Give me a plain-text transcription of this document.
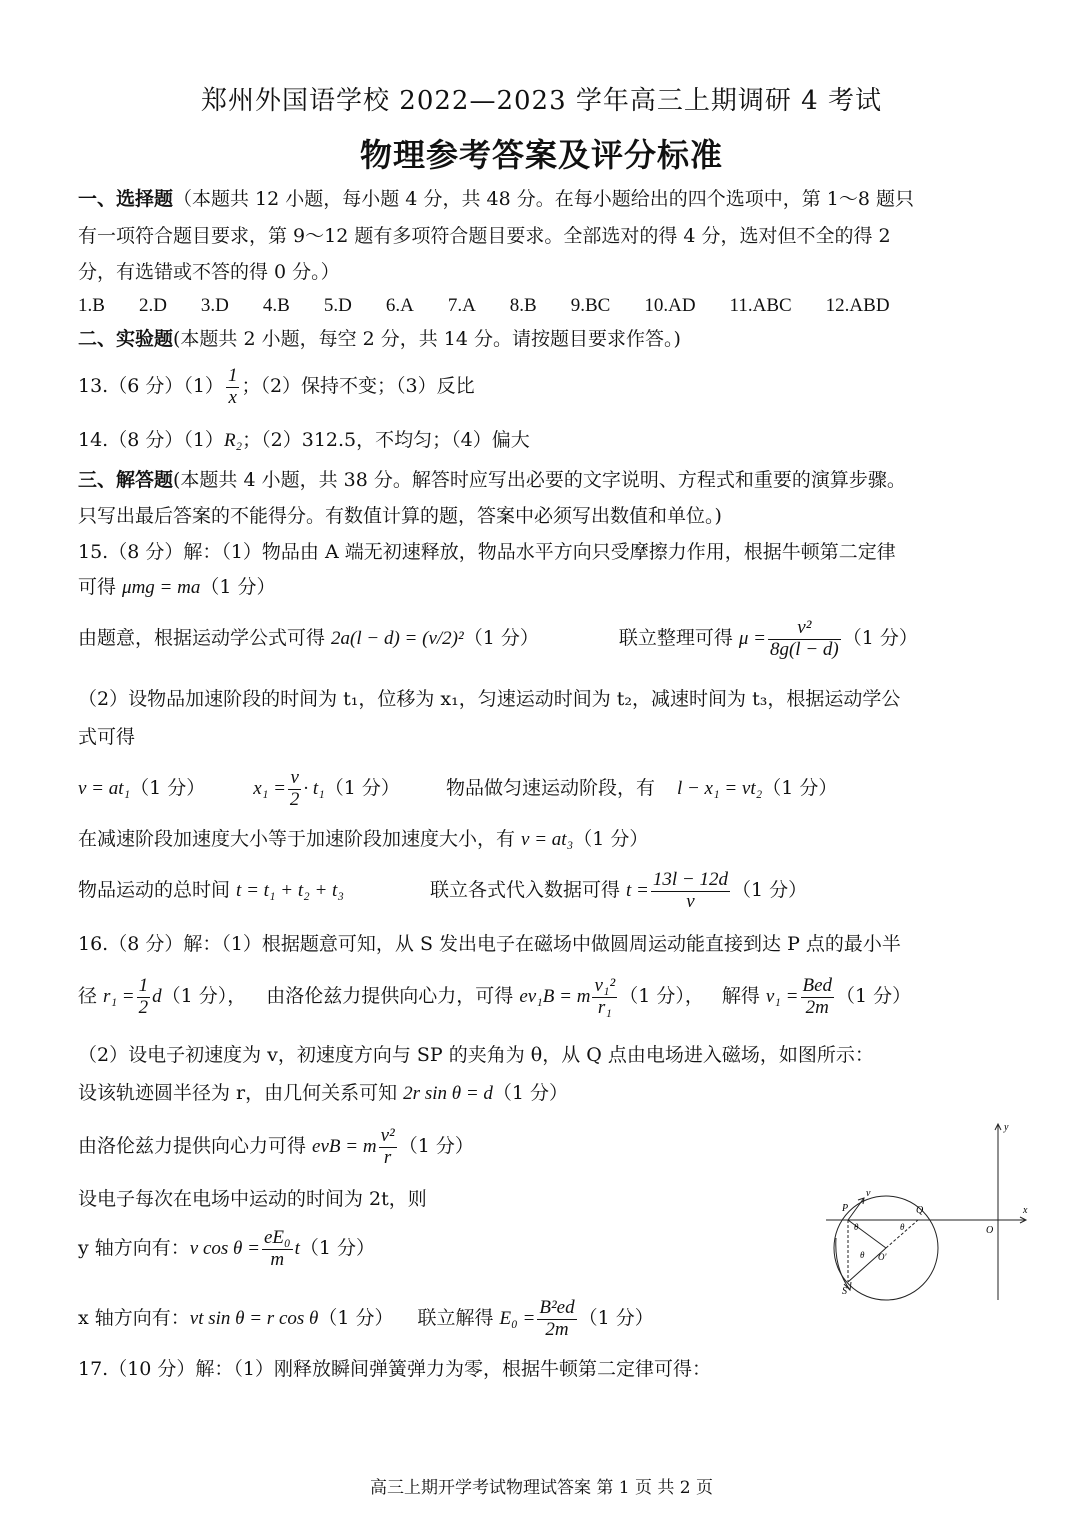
郑州外国语学校 2022—2023 学年高三上期调研 4 考试
物理参考答案及评分标准
一、选择题（本题共 12 小题，每小题 4 分，共 48 分。在每小题给出的四个选项中，第 1～8 题只
有一项符合题目要求，第 9～12 题有多项符合题目要求。全部选对的得 4 分，选对但不全的得 2
分，有选错或不答的得 0 分。）
1.B 2.D 3.D 4.B 5.D 6.A 7.A 8.B 9.BC 10.AD 11.ABC 12.ABD
二、实验题(本题共 2 小题，每空 2 分，共 14 分。请按题目要求作答。)
13.（6 分）$(1) \frac{1}{x}$ ；（2）保持不变；（3）反比
14.（8 分）（1）R₂；（2）312.5，不均匀；（4）偏大
三、解答题(本题共 4 小题，共 38 分。解答时应写出必要的文字说明、方程式和重要的演算步骤。
只写出最后答案的不能得分。有数值计算的题，答案中必须写出数值和单位。)
15.（8 分）解：（1）物品由 A 端无初速释放，物品水平方向只受摩擦力作用，根据牛顿第二定律
可得 μmg = ma（1 分）
由题意，根据运动学公式可得 2a(l − d) = (v/2)²（1 分）	联立整理可得 $\mu = \frac{\text{v²}}{8g(l - d)} (1$ 分）
（2）设物品加速阶段的时间为 t₁，位移为 x₁，匀速运动时间为 t₂，减速时间为 t₃，根据运动学公
式可得
v = at₁（1 分）	$x_1 = \frac{v}{2} \cdot t_1(1$ 分） 物品做匀速运动阶段，有 l − x₁ = vt₂（1 分）
在减速阶段加速度大小等于加速阶段加速度大小，有 v = at₃（1 分）
物品运动的总时间 t = t₁ + t₂ + t₃	联立各式代入数据可得 $t = \frac{13l - 12d}{v} (1$ 分）
16.（8 分）解：（1）根据题意可知，从 S 发出电子在磁场中做圆周运动能直接到达 P 点的最小半
径 $r_1 = \frac{1}{2} d(1$ 分）， 由洛伦兹力提供向心力，可得 ev₁B = m $\frac{\text{v₁²}}{\text{r₁}} (1$ 分）， 解得 $v_1 = \frac{\text{Bed}}{2m} (1$ 分）
（2）设电子初速度为 v，初速度方向与 SP 的夹角为 θ，从 Q 点由电场进入磁场，如图所示：
设该轨迹圆半径为 r，由几何关系可知 2r sin θ = d（1 分）
由洛伦兹力提供向心力可得 evB = m $\frac{\text{v²}}{r} (1$ 分）
设电子每次在电场中运动的时间为 2t，则
y 轴方向有：v $\cos \theta = \frac{\text{eE₀}}{m} t(1$ 分）
x 轴方向有：vt sin θ = r cos θ（1 分） 联立解得 $E_0 = \frac{\text{B²ed}}{2m} (1$ 分）
17.（10 分）解：（1）刚释放瞬间弹簧弹力为零，根据牛顿第二定律可得：
y
x
O
P	Q
S
v
O'
θ	θ
θ
高三上期开学考试物理试答案 第 1 页 共 2 页
